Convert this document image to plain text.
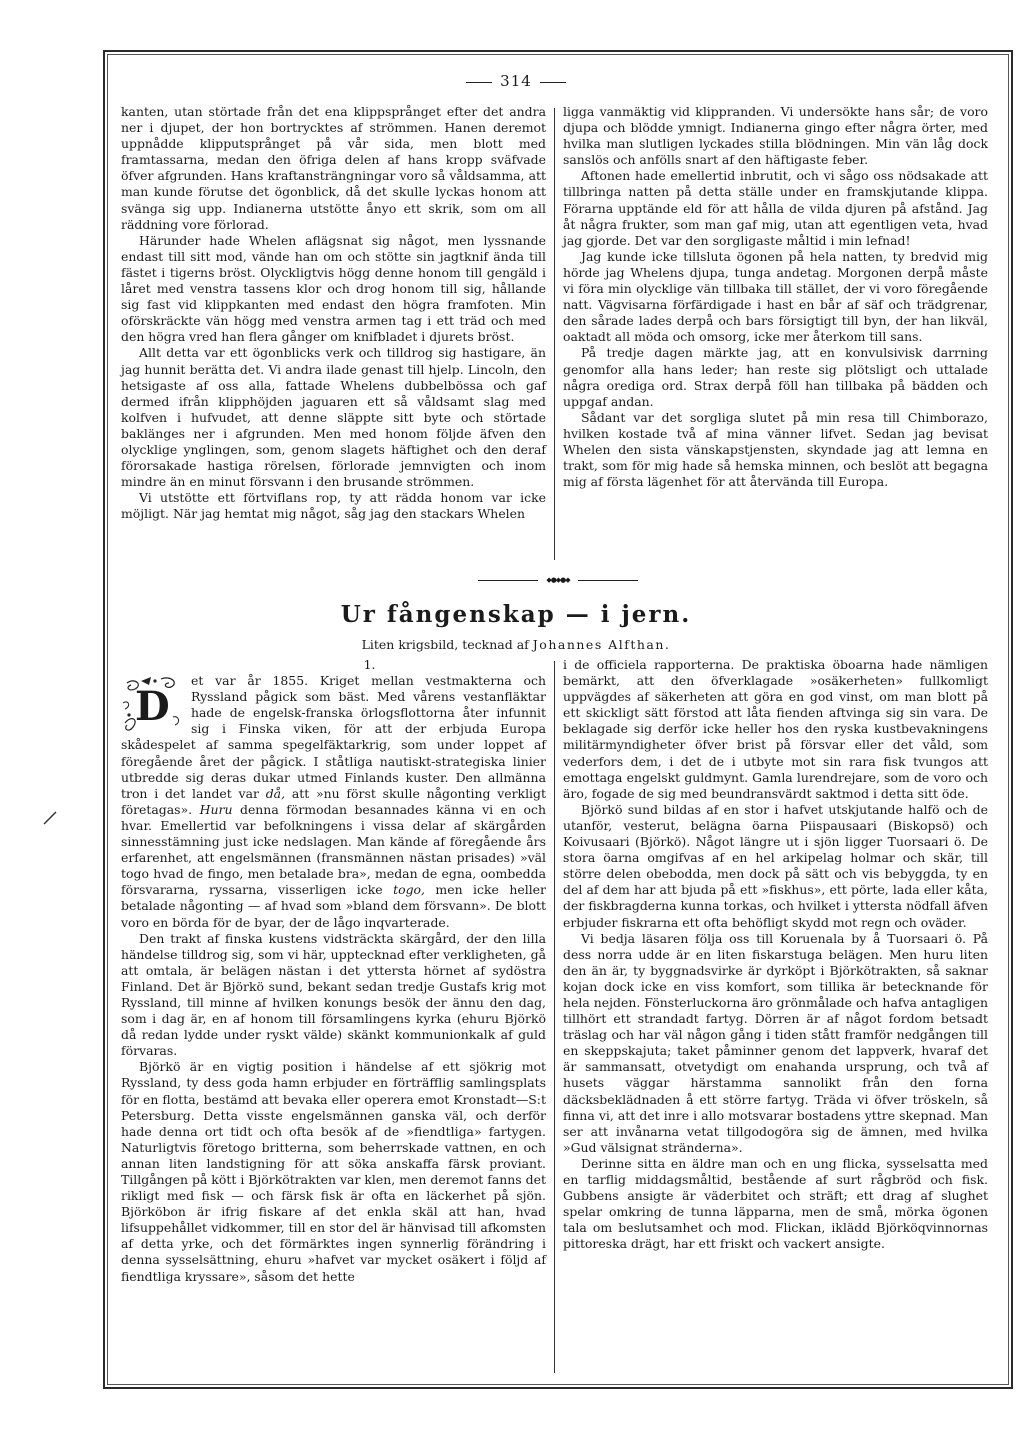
314

kanten, utan störtade från det ena klippsprånget efter det andra ner i djupet, der hon bortrycktes af strömmen. Hanen deremot uppnådde klipputsprånget på vår sida, men blott med framtassarna, medan den öfriga delen af hans kropp sväfvade öfver afgrunden. Hans kraftansträngningar voro så våldsamma, att man kunde förutse det ögonblick, då det skulle lyckas honom att svänga sig upp. Indianerna utstötte ånyo ett skrik, som om all räddning vore förlorad.

Härunder hade Whelen aflägsnat sig något, men lyssnande endast till sitt mod, vände han om och stötte sin jagtknif ända till fästet i tigerns bröst. Olyckligtvis högg denne honom till gengäld i låret med venstra tassens klor och drog honom till sig, hållande sig fast vid klippkanten med endast den högra framfoten. Min oförskräckte vän högg med venstra armen tag i ett träd och med den högra vred han flera gånger om knifbladet i djurets bröst.

Allt detta var ett ögonblicks verk och tilldrog sig hastigare, än jag hunnit berätta det. Vi andra ilade genast till hjelp. Lincoln, den hetsigaste af oss alla, fattade Whelens dubbelbössa och gaf dermed ifrån klipphöjden jaguaren ett så våldsamt slag med kolfven i hufvudet, att denne släppte sitt byte och störtade baklänges ner i afgrunden. Men med honom följde äfven den olycklige ynglingen, som, genom slagets häftighet och den deraf förorsakade hastiga rörelsen, förlorade jemnvigten och inom mindre än en minut försvann i den brusande strömmen.

Vi utstötte ett förtviflans rop, ty att rädda honom var icke möjligt. När jag hemtat mig något, såg jag den stackars Whelen

ligga vanmäktig vid klippranden. Vi undersökte hans sår; de voro djupa och blödde ymnigt. Indianerna gingo efter några örter, med hvilka man slutligen lyckades stilla blödningen. Min vän låg dock sanslös och anfölls snart af den häftigaste feber.

Aftonen hade emellertid inbrutit, och vi sågo oss nödsakade att tillbringa natten på detta ställe under en framskjutande klippa. Förarna upptände eld för att hålla de vilda djuren på afstånd. Jag åt några frukter, som man gaf mig, utan att egentligen veta, hvad jag gjorde. Det var den sorgligaste måltid i min lefnad!

Jag kunde icke tillsluta ögonen på hela natten, ty bredvid mig hörde jag Whelens djupa, tunga andetag. Morgonen derpå måste vi föra min olycklige vän tillbaka till stället, der vi voro föregående natt. Vägvisarna förfärdigade i hast en bår af säf och trädgrenar, den sårade lades derpå och bars försigtigt till byn, der han likväl, oaktadt all möda och omsorg, icke mer återkom till sans.

På tredje dagen märkte jag, att en konvulsivisk darrning genomfor alla hans leder; han reste sig plötsligt och uttalade några orediga ord. Strax derpå föll han tillbaka på bädden och uppgaf andan.

Sådant var det sorgliga slutet på min resa till Chimborazo, hvilken kostade två af mina vänner lifvet. Sedan jag bevisat Whelen den sista vänskapstjensten, skyndade jag att lemna en trakt, som för mig hade så hemska minnen, och beslöt att begagna mig af första lägenhet för att återvända till Europa.

◆●◆●◆
Ur fångenskap — i jern.
Liten krigsbild, tecknad af Johannes Alfthan.

1.

D
et var år 1855. Kriget mellan vestmakterna och Ryssland pågick som bäst. Med vårens vestanfläktar hade de engelsk-franska örlogsflottorna åter infunnit sig i Finska viken, för att der erbjuda Europa skådespelet af samma spegelfäktarkrig, som under loppet af föregående året der pågick. I ståtliga nautiskt-strategiska linier utbredde sig deras dukar utmed Finlands kuster. Den allmänna tron i det landet var då, att »nu först skulle någonting verkligt företagas». Huru denna förmodan besannades känna vi en och hvar. Emellertid var befolkningens i vissa delar af skärgården sinnesstämning just icke nedslagen. Man kände af föregående års erfarenhet, att engelsmännen (fransmännen nästan prisades) »väl togo hvad de fingo, men betalade bra», medan de egna, oombedda försvararna, ryssarna, visserligen icke togo, men icke heller betalade någonting — af hvad som »bland dem försvann». De blott voro en börda för de byar, der de lågo inqvarterade.

Den trakt af finska kustens vidsträckta skärgård, der den lilla händelse tilldrog sig, som vi här, upptecknad efter verkligheten, gå att omtala, är belägen nästan i det yttersta hörnet af sydöstra Finland. Det är Björkö sund, bekant sedan tredje Gustafs krig mot Ryssland, till minne af hvilken konungs besök der ännu den dag, som i dag är, en af honom till församlingens kyrka (ehuru Björkö då redan lydde under ryskt välde) skänkt kommunionkalk af guld förvaras.

Björkö är en vigtig position i händelse af ett sjökrig mot Ryssland, ty dess goda hamn erbjuder en förträfflig samlingsplats för en flotta, bestämd att bevaka eller operera emot Kronstadt—S:t Petersburg. Detta visste engelsmännen ganska väl, och derför hade denna ort tidt och ofta besök af de »fiendtliga» fartygen. Naturligtvis företogo britterna, som beherrskade vattnen, en och annan liten landstigning för att söka anskaffa färsk proviant. Tillgången på kött i Björkötrakten var klen, men deremot fanns det rikligt med fisk — och färsk fisk är ofta en läckerhet på sjön. Björköbon är ifrig fiskare af det enkla skäl att han, hvad lifsuppehållet vidkommer, till en stor del är hänvisad till afkomsten af detta yrke, och det förmärktes ingen synnerlig förändring i denna sysselsättning, ehuru »hafvet var mycket osäkert i följd af fiendtliga kryssare», såsom det hette

i de officiela rapporterna. De praktiska öboarna hade nämligen bemärkt, att den öfverklagade »osäkerheten» fullkomligt uppvägdes af säkerheten att göra en god vinst, om man blott på ett skickligt sätt förstod att låta fienden aftvinga sig sin vara. De beklagade sig derför icke heller hos den ryska kustbevakningens militärmyndigheter öfver brist på försvar eller det våld, som vederfors dem, i det de i utbyte mot sin rara fisk tvungos att emottaga engelskt guldmynt. Gamla lurendrejare, som de voro och äro, fogade de sig med beundransvärdt saktmod i detta sitt öde.

Björkö sund bildas af en stor i hafvet utskjutande halfö och de utanför, vesterut, belägna öarna Piispausaari (Biskopsö) och Koivusaari (Björkö). Något längre ut i sjön ligger Tuorsaari ö. De stora öarna omgifvas af en hel arkipelag holmar och skär, till större delen obebodda, men dock på sätt och vis bebyggda, ty en del af dem har att bjuda på ett »fiskhus», ett pörte, lada eller kåta, der fiskbragderna kunna torkas, och hvilket i yttersta nödfall äfven erbjuder fiskrarna ett ofta behöfligt skydd mot regn och oväder.

Vi bedja läsaren följa oss till Koruenala by å Tuorsaari ö. På dess norra udde är en liten fiskarstuga belägen. Men huru liten den än är, ty byggnadsvirke är dyrköpt i Björkötrakten, så saknar kojan dock icke en viss komfort, som tillika är betecknande för hela nejden. Fönsterluckorna äro grönmålade och hafva antagligen tillhört ett strandadt fartyg. Dörren är af något fordom betsadt träslag och har väl någon gång i tiden stått framför nedgången till en skeppskajuta; taket påminner genom det lappverk, hvaraf det är sammansatt, otvetydigt om enahanda ursprung, och två af husets väggar härstamma sannolikt från den forna däcksbeklädnaden å ett större fartyg. Träda vi öfver tröskeln, så finna vi, att det inre i allo motsvarar bostadens yttre skepnad. Man ser att invånarna vetat tillgodogöra sig de ämnen, med hvilka »Gud välsignat stränderna».

Derinne sitta en äldre man och en ung flicka, sysselsatta med en tarflig middagsmåltid, bestående af surt rågbröd och fisk. Gubbens ansigte är väderbitet och sträft; ett drag af slughet spelar omkring de tunna läpparna, men de små, mörka ögonen tala om beslutsamhet och mod. Flickan, iklädd Björköqvinnornas pittoreska drägt, har ett friskt och vackert ansigte.
